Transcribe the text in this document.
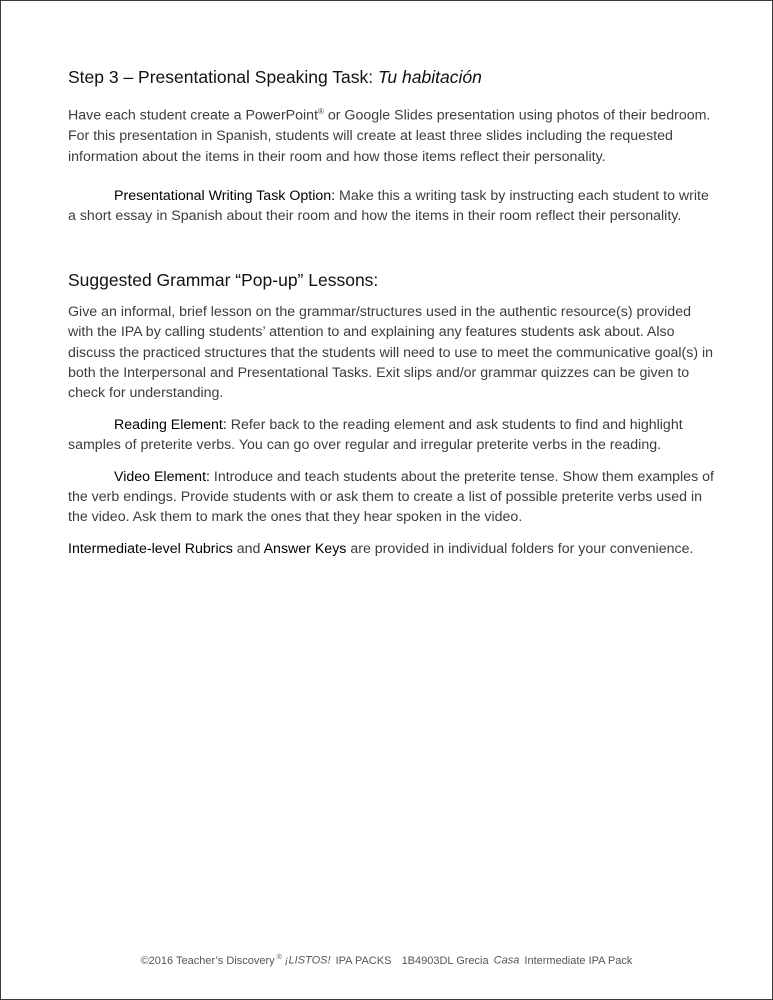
Step 3 – Presentational Speaking Task: Tu habitación

Have each student create a PowerPoint® or Google Slides presentation using photos of their bedroom. For this presentation in Spanish, students will create at least three slides including the requested information about the items in their room and how those items reflect their personality.

Presentational Writing Task Option: Make this a writing task by instructing each student to write a short essay in Spanish about their room and how the items in their room reflect their personality.

Suggested Grammar “Pop-up” Lessons:

Give an informal, brief lesson on the grammar/structures used in the authentic resource(s) provided with the IPA by calling students’ attention to and explaining any features students ask about. Also discuss the practiced structures that the students will need to use to meet the communicative goal(s) in both the Interpersonal and Presentational Tasks. Exit slips and/or grammar quizzes can be given to check for understanding.

Reading Element: Refer back to the reading element and ask students to find and highlight samples of preterite verbs. You can go over regular and irregular preterite verbs in the reading.

Video Element: Introduce and teach students about the preterite tense. Show them examples of the verb endings. Provide students with or ask them to create a list of possible preterite verbs used in the video. Ask them to mark the ones that they hear spoken in the video.

Intermediate-level Rubrics and Answer Keys are provided in individual folders for your convenience.

©2016 Teacher’s Discovery ® ¡LISTOS! IPA PACKS 1B4903DL Grecia Casa Intermediate IPA Pack
